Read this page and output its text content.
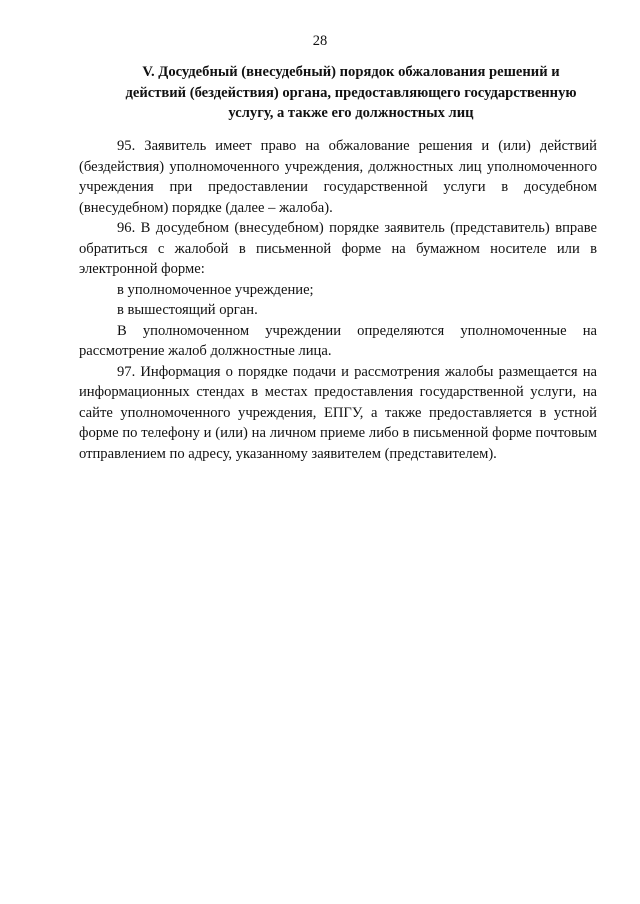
28
V. Досудебный (внесудебный) порядок обжалования решений и
действий (бездействия) органа, предоставляющего государственную
услугу, а также его должностных лиц

95. Заявитель имеет право на обжалование решения и (или) действий (бездействия) уполномоченного учреждения, должностных лиц уполномоченного учреждения при предоставлении государственной услуги в досудебном (внесудебном) порядке (далее – жалоба).

96. В досудебном (внесудебном) порядке заявитель (представитель) вправе обратиться с жалобой в письменной форме на бумажном носителе или в электронной форме:

в уполномоченное учреждение;

в вышестоящий орган.

В уполномоченном учреждении определяются уполномоченные на рассмотрение жалоб должностные лица.

97. Информация о порядке подачи и рассмотрения жалобы размещается на информационных стендах в местах предоставления государственной услуги, на сайте уполномоченного учреждения, ЕПГУ, а также предоставляется в устной форме по телефону и (или) на личном приеме либо в письменной форме почтовым отправлением по адресу, указанному заявителем (представителем).
